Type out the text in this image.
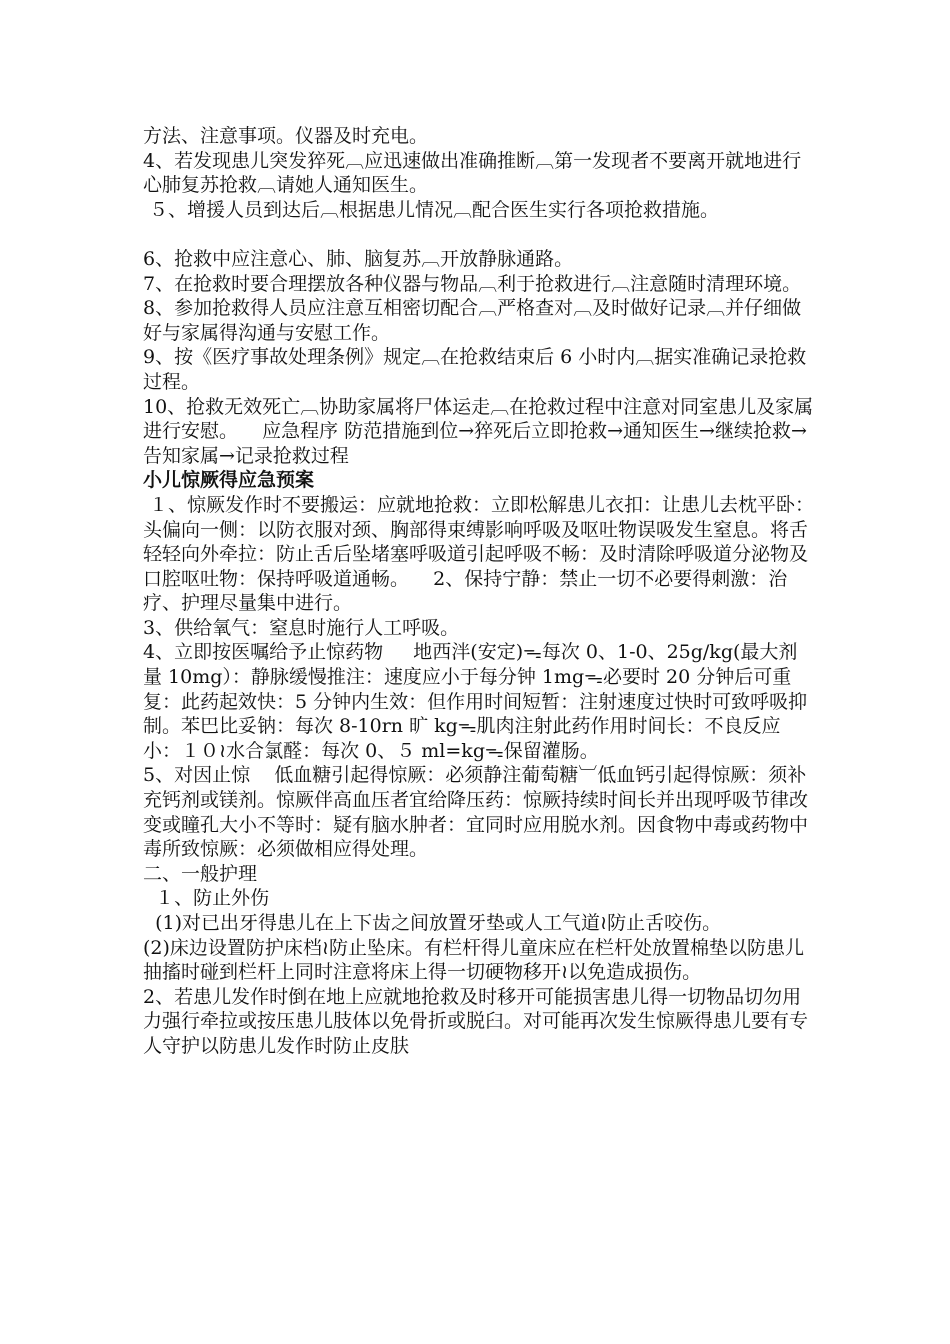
方法、注意事项。仪器及时充电。

4、若发现患儿突发猝死︹应迅速做出准确推断︹第一发现者不要离开就地进行心肺复苏抢救︹请她人通知医生。

５、增援人员到达后︹根据患儿情况︹配合医生实行各项抢救措施。

6、抢救中应注意心、肺、脑复苏︹开放静脉通路。

7、在抢救时要合理摆放各种仪器与物品︹利于抢救进行︹注意随时清理环境。

8、参加抢救得人员应注意互相密切配合︹严格查对︹及时做好记录︹并仔细做好与家属得沟通与安慰工作。

9、按《医疗事故处理条例》规定︹在抢救结束后 6 小时内︹据实准确记录抢救过程。

10、抢救无效死亡︹协助家属将尸体运走︹在抢救过程中注意对同室患儿及家属进行安慰。    应急程序 防范措施到位→猝死后立即抢救→通知医生→继续抢救→告知家属→记录抢救过程

小儿惊厥得应急预案

１、惊厥发作时不要搬运：应就地抢救：立即松解患儿衣扣：让患儿去枕平卧：头偏向一侧：以防衣服对颈、胸部得束缚影响呼吸及呕吐物误吸发生窒息。将舌轻轻向外牵拉：防止舌后坠堵塞呼吸道引起呼吸不畅：及时清除呼吸道分泌物及口腔呕吐物：保持呼吸道通畅。    2、保持宁静：禁止一切不必要得刺激：治疗、护理尽量集中进行。

3、供给氧气：窒息时施行人工呼吸。

4、立即按医嘱给予止惊药物     地西泮(安定)ᯓ每次 0、1-0、25g/kg(最大剂量 10mg）：静脉缓慢推注：速度应小于每分钟 1mgᯓ必要时 20 分钟后可重复：此药起效快：5 分钟内生效：但作用时间短暂：注射速度过快时可致呼吸抑制。苯巴比妥钠：每次 8-10rn 旷 kgᯓ肌肉注射此药作用时间长：不良反应小：１０≀水合氯醛：每次 0、５ ml=kgᯓ保留灌肠。

5、对因止惊    低血糖引起得惊厥：必须静注葡萄糖︺低血钙引起得惊厥：须补充钙剂或镁剂。惊厥伴高血压者宜给降压药：惊厥持续时间长并出现呼吸节律改变或瞳孔大小不等时：疑有脑水肿者：宜同时应用脱水剂。因食物中毒或药物中毒所致惊厥：必须做相应得处理。

二、一般护理

１、防止外伤

(1)对已出牙得患儿在上下齿之间放置牙垫或人工气道≀防止舌咬伤。

(2)床边设置防护床档≀防止坠床。有栏杆得儿童床应在栏杆处放置棉垫以防患儿抽搐时碰到栏杆上同时注意将床上得一切硬物移开≀以免造成损伤。

2、若患儿发作时倒在地上应就地抢救及时移开可能损害患儿得一切物品切勿用力强行牵拉或按压患儿肢体以免骨折或脱臼。对可能再次发生惊厥得患儿要有专人守护以防患儿发作时防止皮肤
